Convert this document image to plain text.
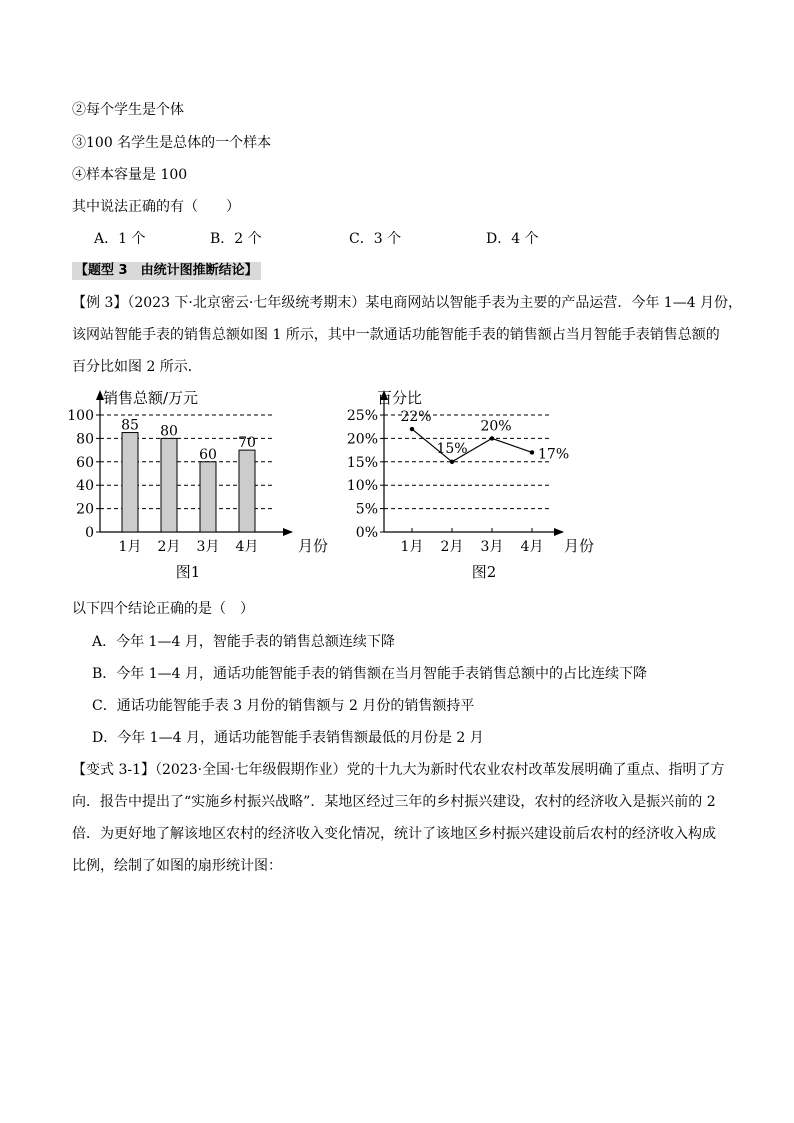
②每个学生是个体
③100 名学生是总体的一个样本
④样本容量是 100
其中说法正确的有（　　）
A．1 个	B．2 个	C．3 个	D．4 个
【题型 3　由统计图推断结论】
【例 3】（2023 下·北京密云·七年级统考期末）某电商网站以智能手表为主要的产品运营．今年 1—4 月份，
该网站智能手表的销售总额如图 1 所示，其中一款通话功能智能手表的销售额占当月智能手表销售总额的
百分比如图 2 所示．
0
20
40
60
80
100
销售总额/万元
85
1月
80
2月
60
3月
70
4月	月份
图1
0%
5%
10%
15%
20%
25%
百分比
1月 2月 3月 4月
22%
15%
20%
17%
月份
图2
以下四个结论正确的是（　）
A．今年 1—4 月，智能手表的销售总额连续下降
B．今年 1—4 月，通话功能智能手表的销售额在当月智能手表销售总额中的占比连续下降
C．通话功能智能手表 3 月份的销售额与 2 月份的销售额持平
D．今年 1—4 月，通话功能智能手表销售额最低的月份是 2 月
【变式 3-1】（2023·全国·七年级假期作业）党的十九大为新时代农业农村改革发展明确了重点、指明了方
向．报告中提出了“实施乡村振兴战略”．某地区经过三年的乡村振兴建设，农村的经济收入是振兴前的 2
倍．为更好地了解该地区农村的经济收入变化情况，统计了该地区乡村振兴建设前后农村的经济收入构成
比例，绘制了如图的扇形统计图：
